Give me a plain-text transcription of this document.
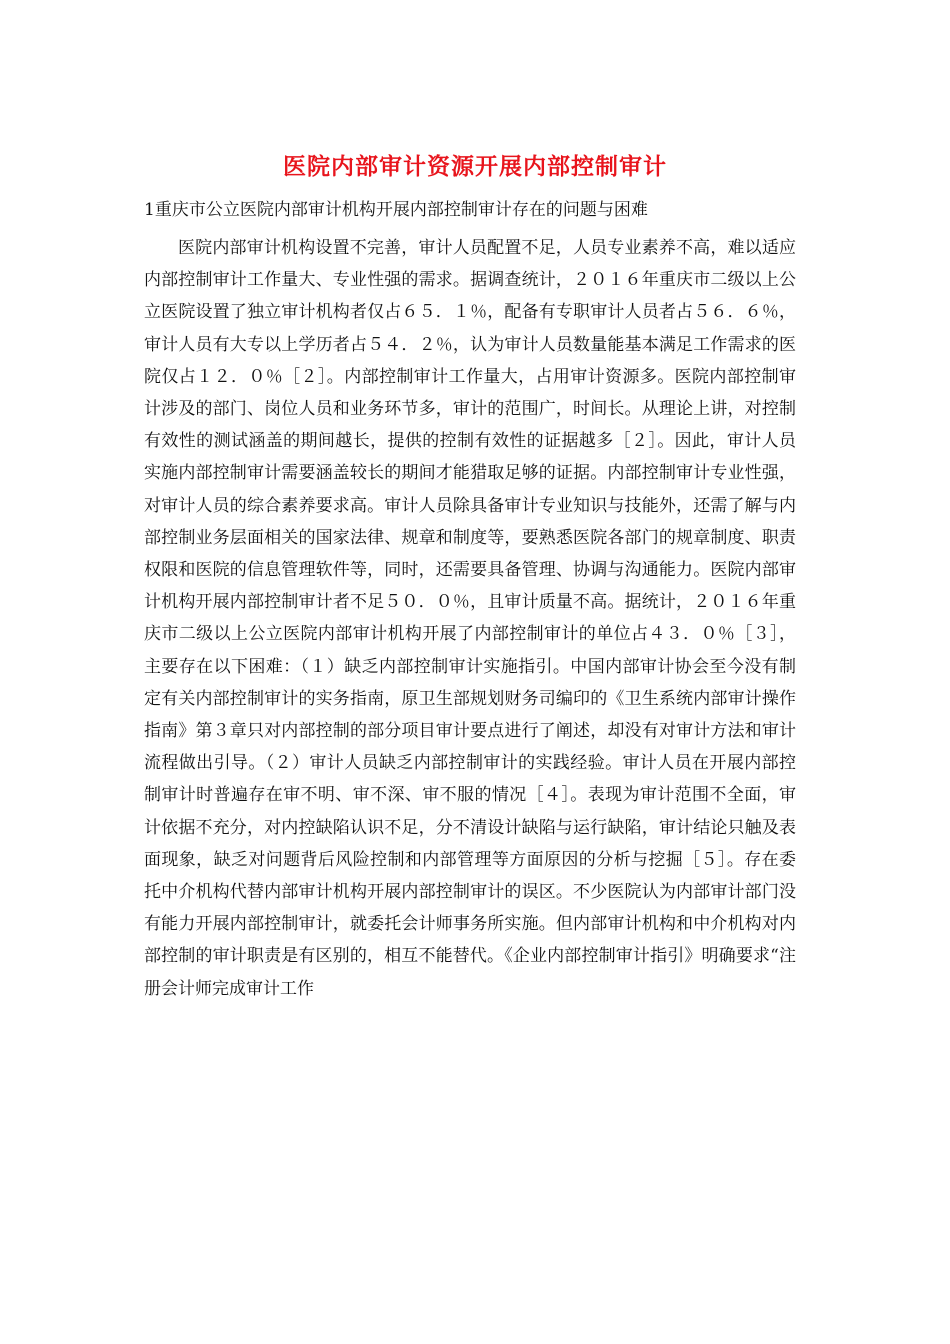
医院内部审计资源开展内部控制审计
1重庆市公立医院内部审计机构开展内部控制审计存在的问题与困难
医院内部审计机构设置不完善，审计人员配置不足，人员专业素养不高，难以适应内部控制审计工作量大、专业性强的需求。据调查统计，２０１６年重庆市二级以上公立医院设置了独立审计机构者仅占６５．１％，配备有专职审计人员者占５６．６％，审计人员有大专以上学历者占５４．２％，认为审计人员数量能基本满足工作需求的医院仅占１２．０％［２］。内部控制审计工作量大，占用审计资源多。医院内部控制审计涉及的部门、岗位人员和业务环节多，审计的范围广，时间长。从理论上讲，对控制有效性的测试涵盖的期间越长，提供的控制有效性的证据越多［２］。因此，审计人员实施内部控制审计需要涵盖较长的期间才能猎取足够的证据。内部控制审计专业性强，对审计人员的综合素养要求高。审计人员除具备审计专业知识与技能外，还需了解与内部控制业务层面相关的国家法律、规章和制度等，要熟悉医院各部门的规章制度、职责权限和医院的信息管理软件等，同时，还需要具备管理、协调与沟通能力。医院内部审计机构开展内部控制审计者不足５０．０％，且审计质量不高。据统计，２０１６年重庆市二级以上公立医院内部审计机构开展了内部控制审计的单位占４３．０％［３］，主要存在以下困难：（１）缺乏内部控制审计实施指引。中国内部审计协会至今没有制定有关内部控制审计的实务指南，原卫生部规划财务司编印的《卫生系统内部审计操作指南》第３章只对内部控制的部分项目审计要点进行了阐述，却没有对审计方法和审计流程做出引导。（２）审计人员缺乏内部控制审计的实践经验。审计人员在开展内部控制审计时普遍存在审不明、审不深、审不服的情况［４］。表现为审计范围不全面，审计依据不充分，对内控缺陷认识不足，分不清设计缺陷与运行缺陷，审计结论只触及表面现象，缺乏对问题背后风险控制和内部管理等方面原因的分析与挖掘［５］。存在委托中介机构代替内部审计机构开展内部控制审计的误区。不少医院认为内部审计部门没有能力开展内部控制审计，就委托会计师事务所实施。但内部审计机构和中介机构对内部控制的审计职责是有区别的，相互不能替代。《企业内部控制审计指引》明确要求“注册会计师完成审计工作
